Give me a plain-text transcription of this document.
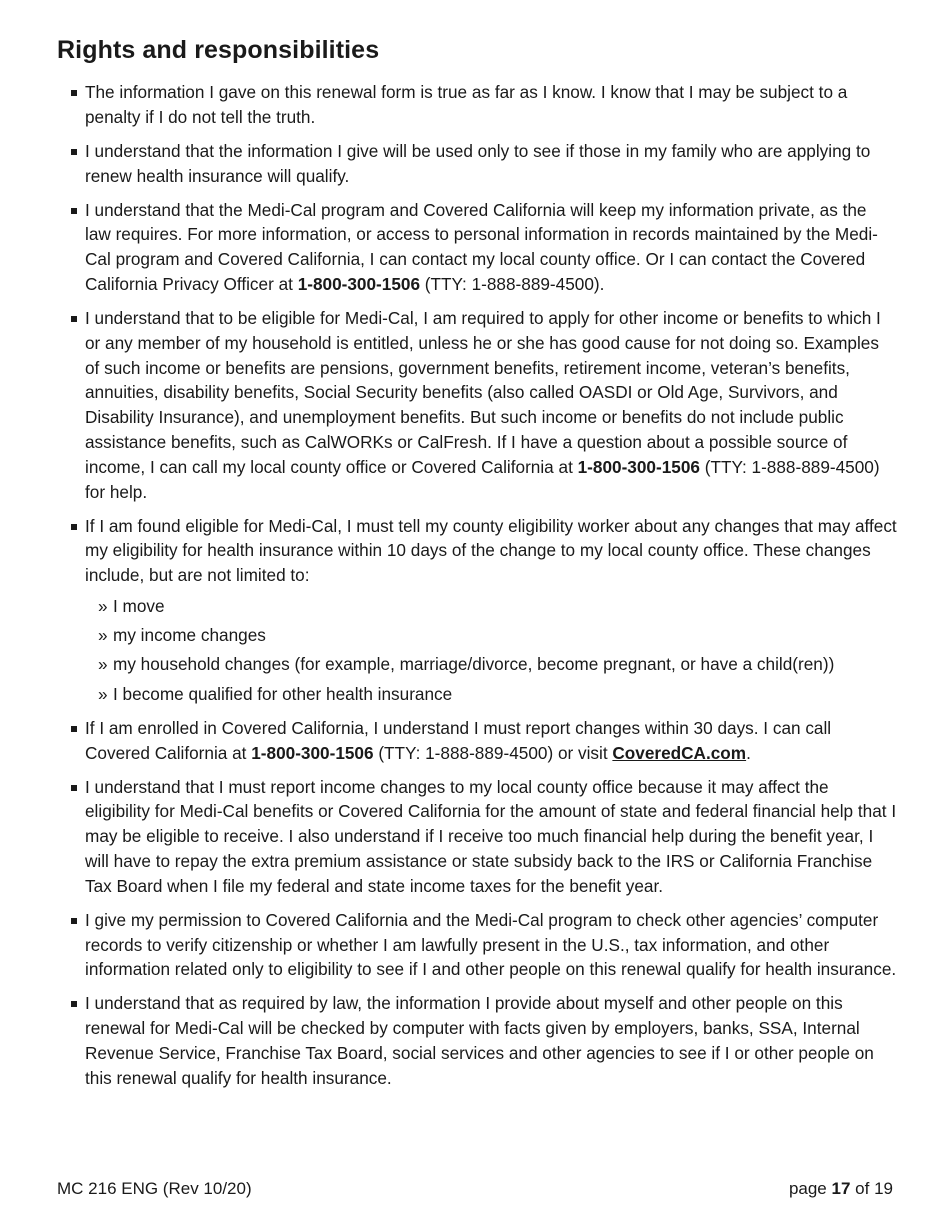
Rights and responsibilities
The information I gave on this renewal form is true as far as I know. I know that I may be subject to a penalty if I do not tell the truth.
I understand that the information I give will be used only to see if those in my family who are applying to renew health insurance will qualify.
I understand that the Medi-Cal program and Covered California will keep my information private, as the law requires. For more information, or access to personal information in records maintained by the Medi-Cal program and Covered California, I can contact my local county office. Or I can contact the Covered California Privacy Officer at 1-800-300-1506 (TTY: 1-888-889-4500).
I understand that to be eligible for Medi-Cal, I am required to apply for other income or benefits to which I or any member of my household is entitled, unless he or she has good cause for not doing so. Examples of such income or benefits are pensions, government benefits, retirement income, veteran’s benefits, annuities, disability benefits, Social Security benefits (also called OASDI or Old Age, Survivors, and Disability Insurance), and unemployment benefits. But such income or benefits do not include public assistance benefits, such as CalWORKs or CalFresh. If I have a question about a possible source of income, I can call my local county office or Covered California at 1-800-300-1506 (TTY: 1-888-889-4500) for help.
If I am found eligible for Medi-Cal, I must tell my county eligibility worker about any changes that may affect my eligibility for health insurance within 10 days of the change to my local county office. These changes include, but are not limited to:
» I move
» my income changes
» my household changes (for example, marriage/divorce, become pregnant, or have a child(ren))
» I become qualified for other health insurance
If I am enrolled in Covered California, I understand I must report changes within 30 days. I can call Covered California at 1-800-300-1506 (TTY: 1-888-889-4500) or visit CoveredCA.com.
I understand that I must report income changes to my local county office because it may affect the eligibility for Medi-Cal benefits or Covered California for the amount of state and federal financial help that I may be eligible to receive. I also understand if I receive too much financial help during the benefit year, I will have to repay the extra premium assistance or state subsidy back to the IRS or California Franchise Tax Board when I file my federal and state income taxes for the benefit year.
I give my permission to Covered California and the Medi-Cal program to check other agencies’ computer records to verify citizenship or whether I am lawfully present in the U.S., tax information, and other information related only to eligibility to see if I and other people on this renewal qualify for health insurance.
I understand that as required by law, the information I provide about myself and other people on this renewal for Medi-Cal will be checked by computer with facts given by employers, banks, SSA, Internal Revenue Service, Franchise Tax Board, social services and other agencies to see if I or other people on this renewal qualify for health insurance.
MC 216 ENG (Rev 10/20)	page 17 of 19
